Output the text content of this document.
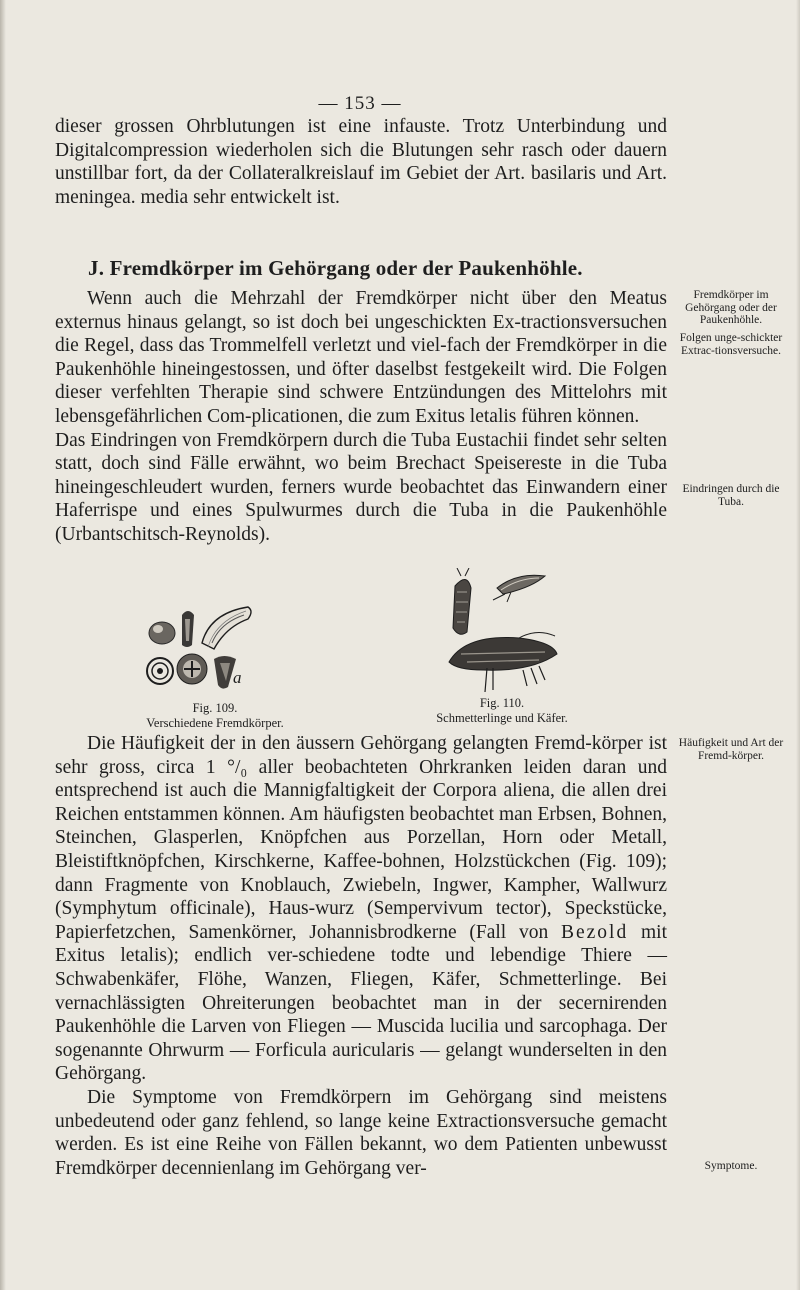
— 153 —

dieser grossen Ohrblutungen ist eine infauste. Trotz Unterbindung und Digitalcompression wiederholen sich die Blutungen sehr rasch oder dauern unstillbar fort, da der Collateralkreislauf im Gebiet der Art. basilaris und Art. meningea. media sehr entwickelt ist.

J. Fremdkörper im Gehörgang oder der Paukenhöhle.

Wenn auch die Mehrzahl der Fremdkörper nicht über den Meatus externus hinaus gelangt, so ist doch bei ungeschickten Ex-tractionsversuchen die Regel, dass das Trommelfell verletzt und viel-fach der Fremdkörper in die Paukenhöhle hineingestossen, und öfter daselbst festgekeilt wird. Die Folgen dieser verfehlten Therapie sind schwere Entzündungen des Mittelohrs mit lebensgefährlichen Com-plicationen, die zum Exitus letalis führen können.

Das Eindringen von Fremdkörpern durch die Tuba Eustachii findet sehr selten statt, doch sind Fälle erwähnt, wo beim Brechact Speisereste in die Tuba hineingeschleudert wurden, ferners wurde beobachtet das Einwandern einer Haferrispe und eines Spulwurmes durch die Tuba in die Paukenhöhle (Urbantschitsch-Reynolds).

Fremdkörper im Gehörgang oder der Paukenhöhle.
Folgen unge-schickter Extrac-tionsversuche.
Eindringen durch die Tuba.
a
Fig. 109.
Verschiedene Fremdkörper.
Fig. 110.
Schmetterlinge und Käfer.

Die Häufigkeit der in den äussern Gehörgang gelangten Fremd-körper ist sehr gross, circa 1 °/₀ aller beobachteten Ohrkranken leiden daran und entsprechend ist auch die Mannigfaltigkeit der Corpora aliena, die allen drei Reichen entstammen können. Am häufigsten beobachtet man Erbsen, Bohnen, Steinchen, Glasperlen, Knöpfchen aus Porzellan, Horn oder Metall, Bleistiftknöpfchen, Kirschkerne, Kaffee-bohnen, Holzstückchen (Fig. 109); dann Fragmente von Knoblauch, Zwiebeln, Ingwer, Kampher, Wallwurz (Symphytum officinale), Haus-wurz (Sempervivum tector), Speckstücke, Papierfetzchen, Samenkörner, Johannisbrodkerne (Fall von Bezold mit Exitus letalis); endlich ver-schiedene todte und lebendige Thiere — Schwabenkäfer, Flöhe, Wanzen, Fliegen, Käfer, Schmetterlinge. Bei vernachlässigten Ohreiterungen beobachtet man in der secernirenden Paukenhöhle die Larven von Fliegen — Muscida lucilia und sarcophaga. Der sogenannte Ohrwurm — Forficula auricularis — gelangt wunderselten in den Gehörgang.

Die Symptome von Fremdkörpern im Gehörgang sind meistens unbedeutend oder ganz fehlend, so lange keine Extractionsversuche gemacht werden. Es ist eine Reihe von Fällen bekannt, wo dem Patienten unbewusst Fremdkörper decennienlang im Gehörgang ver-

Häufigkeit und Art der Fremd-körper.
Symptome.
